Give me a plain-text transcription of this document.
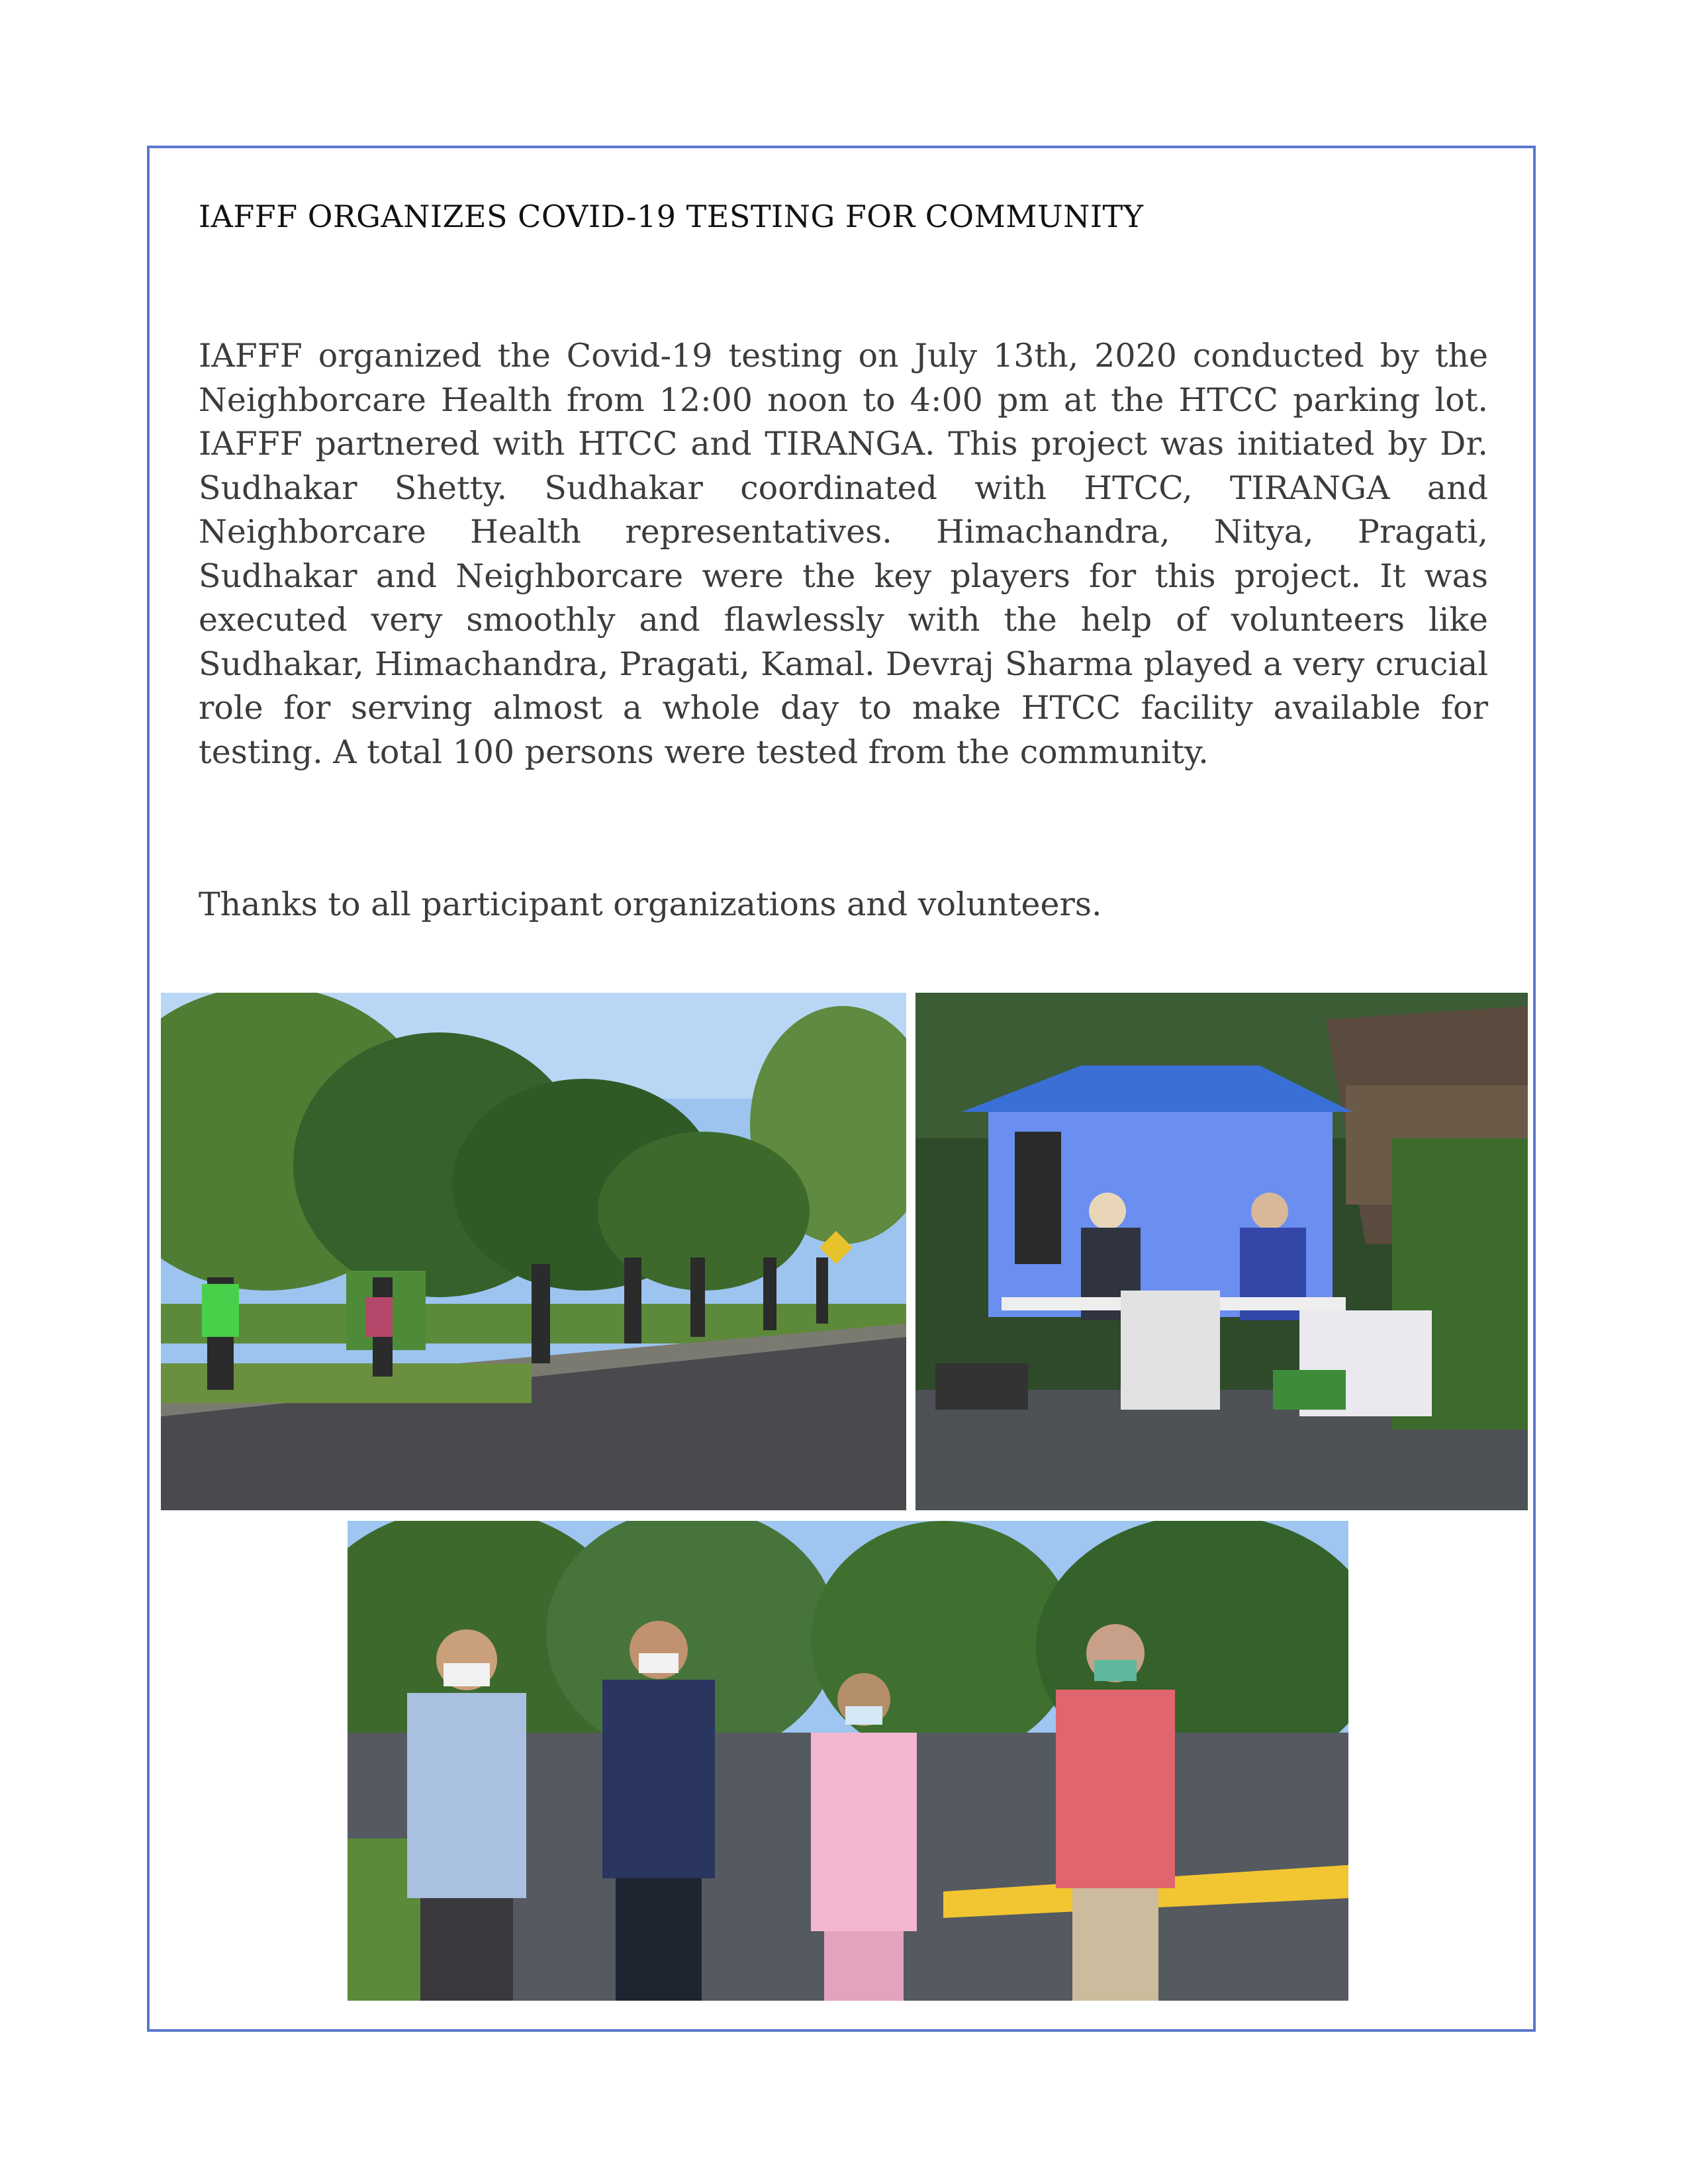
IAFFF ORGANIZES COVID-19 TESTING FOR COMMUNITY
IAFFF organized the Covid-19 testing on July 13th, 2020 conducted by the Neighborcare Health from 12:00 noon to 4:00 pm at the HTCC parking lot. IAFFF partnered with HTCC and TIRANGA. This project was initiated by Dr. Sudhakar Shetty. Sudhakar coordinated with HTCC, TIRANGA and Neighborcare Health representatives. Himachandra, Nitya, Pragati, Sudhakar and Neighborcare were the key players for this project. It was executed very smoothly and flawlessly with the help of volunteers like Sudhakar, Himachandra, Pragati, Kamal. Devraj Sharma played a very crucial role for serving almost a whole day to make HTCC facility available for testing. A total 100 persons were tested from the community.
Thanks to all participant organizations and volunteers.
